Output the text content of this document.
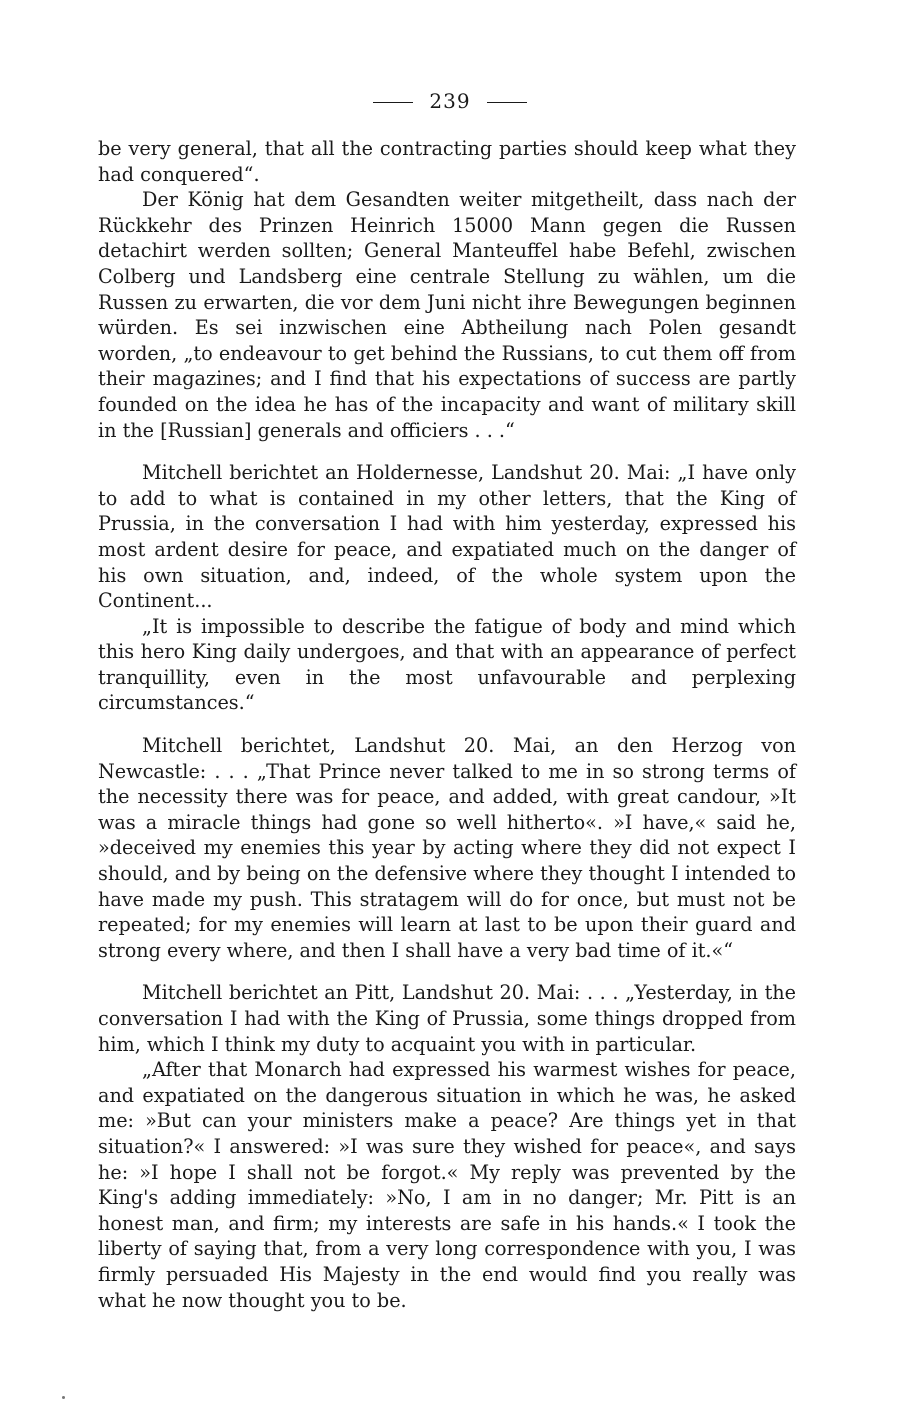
239

be very general, that all the contracting parties should keep what they had conquered“.

Der König hat dem Gesandten weiter mitgetheilt, dass nach der Rückkehr des Prinzen Heinrich 15000 Mann gegen die Russen detachirt werden sollten; General Manteuffel habe Befehl, zwischen Colberg und Landsberg eine centrale Stellung zu wählen, um die Russen zu erwarten, die vor dem Juni nicht ihre Bewegungen beginnen würden. Es sei inzwischen eine Abtheilung nach Polen gesandt worden, „to endeavour to get behind the Russians, to cut them off from their magazines; and I find that his expectations of success are partly founded on the idea he has of the incapacity and want of military skill in the [Russian] generals and officiers . . .“

Mitchell berichtet an Holdernesse, Landshut 20. Mai: „I have only to add to what is contained in my other letters, that the King of Prussia, in the conversation I had with him yesterday, expressed his most ardent desire for peace, and expatiated much on the danger of his own situation, and, indeed, of the whole system upon the Continent...

„It is impossible to describe the fatigue of body and mind which this hero King daily undergoes, and that with an appearance of perfect tranquillity, even in the most unfavourable and perplexing circumstances.“

Mitchell berichtet, Landshut 20. Mai, an den Herzog von Newcastle: . . . „That Prince never talked to me in so strong terms of the necessity there was for peace, and added, with great candour, »It was a miracle things had gone so well hitherto«. »I have,« said he, »deceived my enemies this year by acting where they did not expect I should, and by being on the defensive where they thought I intended to have made my push. This stratagem will do for once, but must not be repeated; for my enemies will learn at last to be upon their guard and strong every where, and then I shall have a very bad time of it.«“

Mitchell berichtet an Pitt, Landshut 20. Mai: . . . „Yesterday, in the conversation I had with the King of Prussia, some things dropped from him, which I think my duty to acquaint you with in particular.

„After that Monarch had expressed his warmest wishes for peace, and expatiated on the dangerous situation in which he was, he asked me: »But can your ministers make a peace? Are things yet in that situation?« I answered: »I was sure they wished for peace«, and says he: »I hope I shall not be forgot.« My reply was prevented by the King's adding immediately: »No, I am in no danger; Mr. Pitt is an honest man, and firm; my interests are safe in his hands.« I took the liberty of saying that, from a very long correspondence with you, I was firmly persuaded His Majesty in the end would find you really was what he now thought you to be.
